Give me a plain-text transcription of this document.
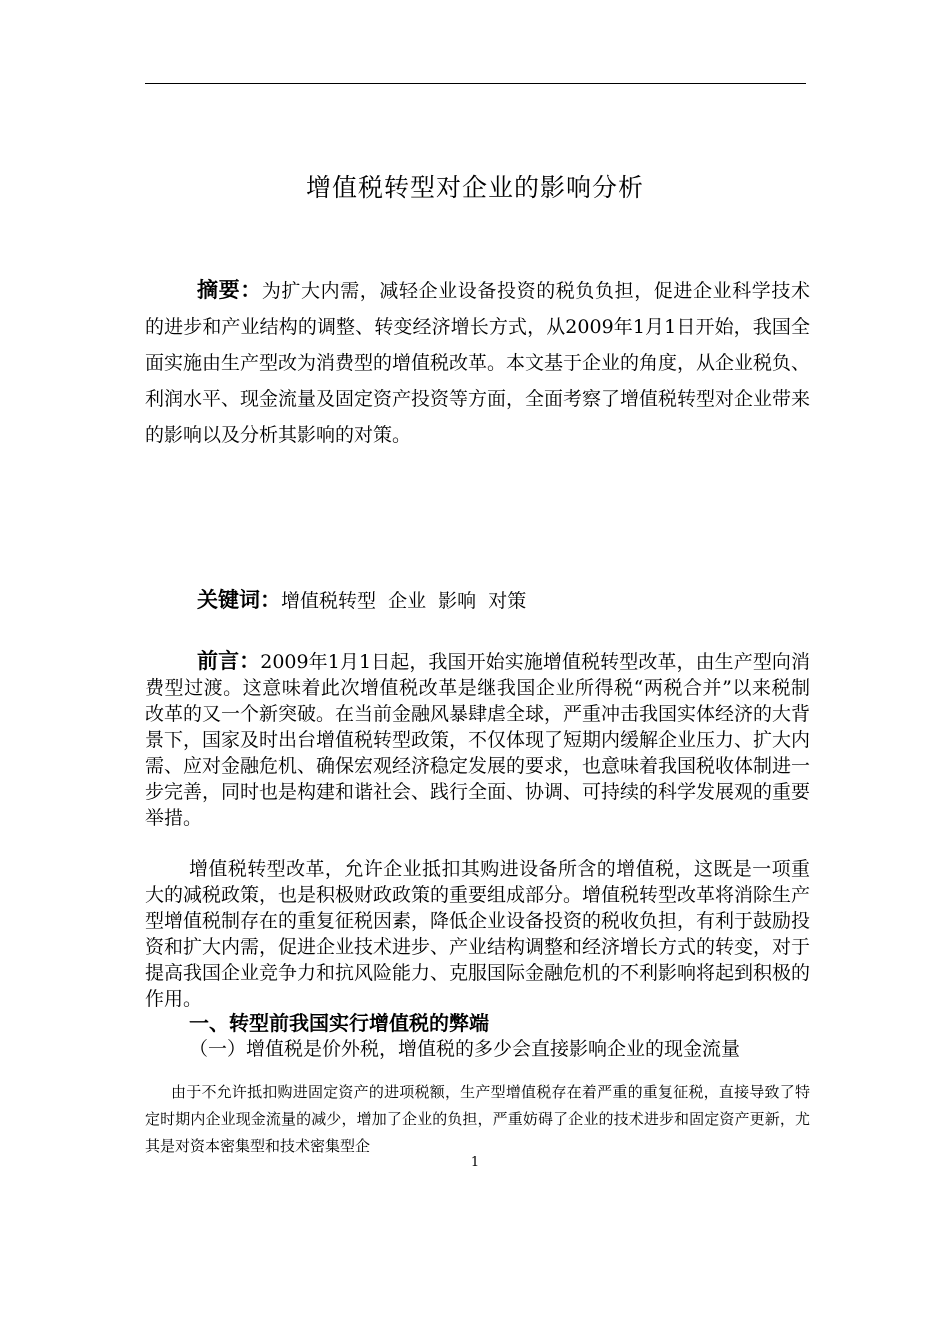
增值税转型对企业的影响分析

摘要：为扩大内需，减轻企业设备投资的税负负担，促进企业科学技术的进步和产业结构的调整、转变经济增长方式，从2009年1月1日开始，我国全面实施由生产型改为消费型的增值税改革。本文基于企业的角度，从企业税负、利润水平、现金流量及固定资产投资等方面，全面考察了增值税转型对企业带来的影响以及分析其影响的对策。

关键词：增值税转型  企业  影响  对策

前言：2009年1月1日起，我国开始实施增值税转型改革，由生产型向消费型过渡。这意味着此次增值税改革是继我国企业所得税“两税合并”以来税制改革的又一个新突破。在当前金融风暴肆虐全球，严重冲击我国实体经济的大背景下，国家及时出台增值税转型政策，不仅体现了短期内缓解企业压力、扩大内需、应对金融危机、确保宏观经济稳定发展的要求，也意味着我国税收体制进一步完善，同时也是构建和谐社会、践行全面、协调、可持续的科学发展观的重要举措。

增值税转型改革，允许企业抵扣其购进设备所含的增值税，这既是一项重大的减税政策，也是积极财政政策的重要组成部分。增值税转型改革将消除生产型增值税制存在的重复征税因素，降低企业设备投资的税收负担，有利于鼓励投资和扩大内需，促进企业技术进步、产业结构调整和经济增长方式的转变，对于提高我国企业竞争力和抗风险能力、克服国际金融危机的不利影响将起到积极的作用。

一、转型前我国实行增值税的弊端

（一）增值税是价外税，增值税的多少会直接影响企业的现金流量

由于不允许抵扣购进固定资产的进项税额，生产型增值税存在着严重的重复征税，直接导致了特定时期内企业现金流量的减少，增加了企业的负担，严重妨碍了企业的技术进步和固定资产更新，尤其是对资本密集型和技术密集型企

1
